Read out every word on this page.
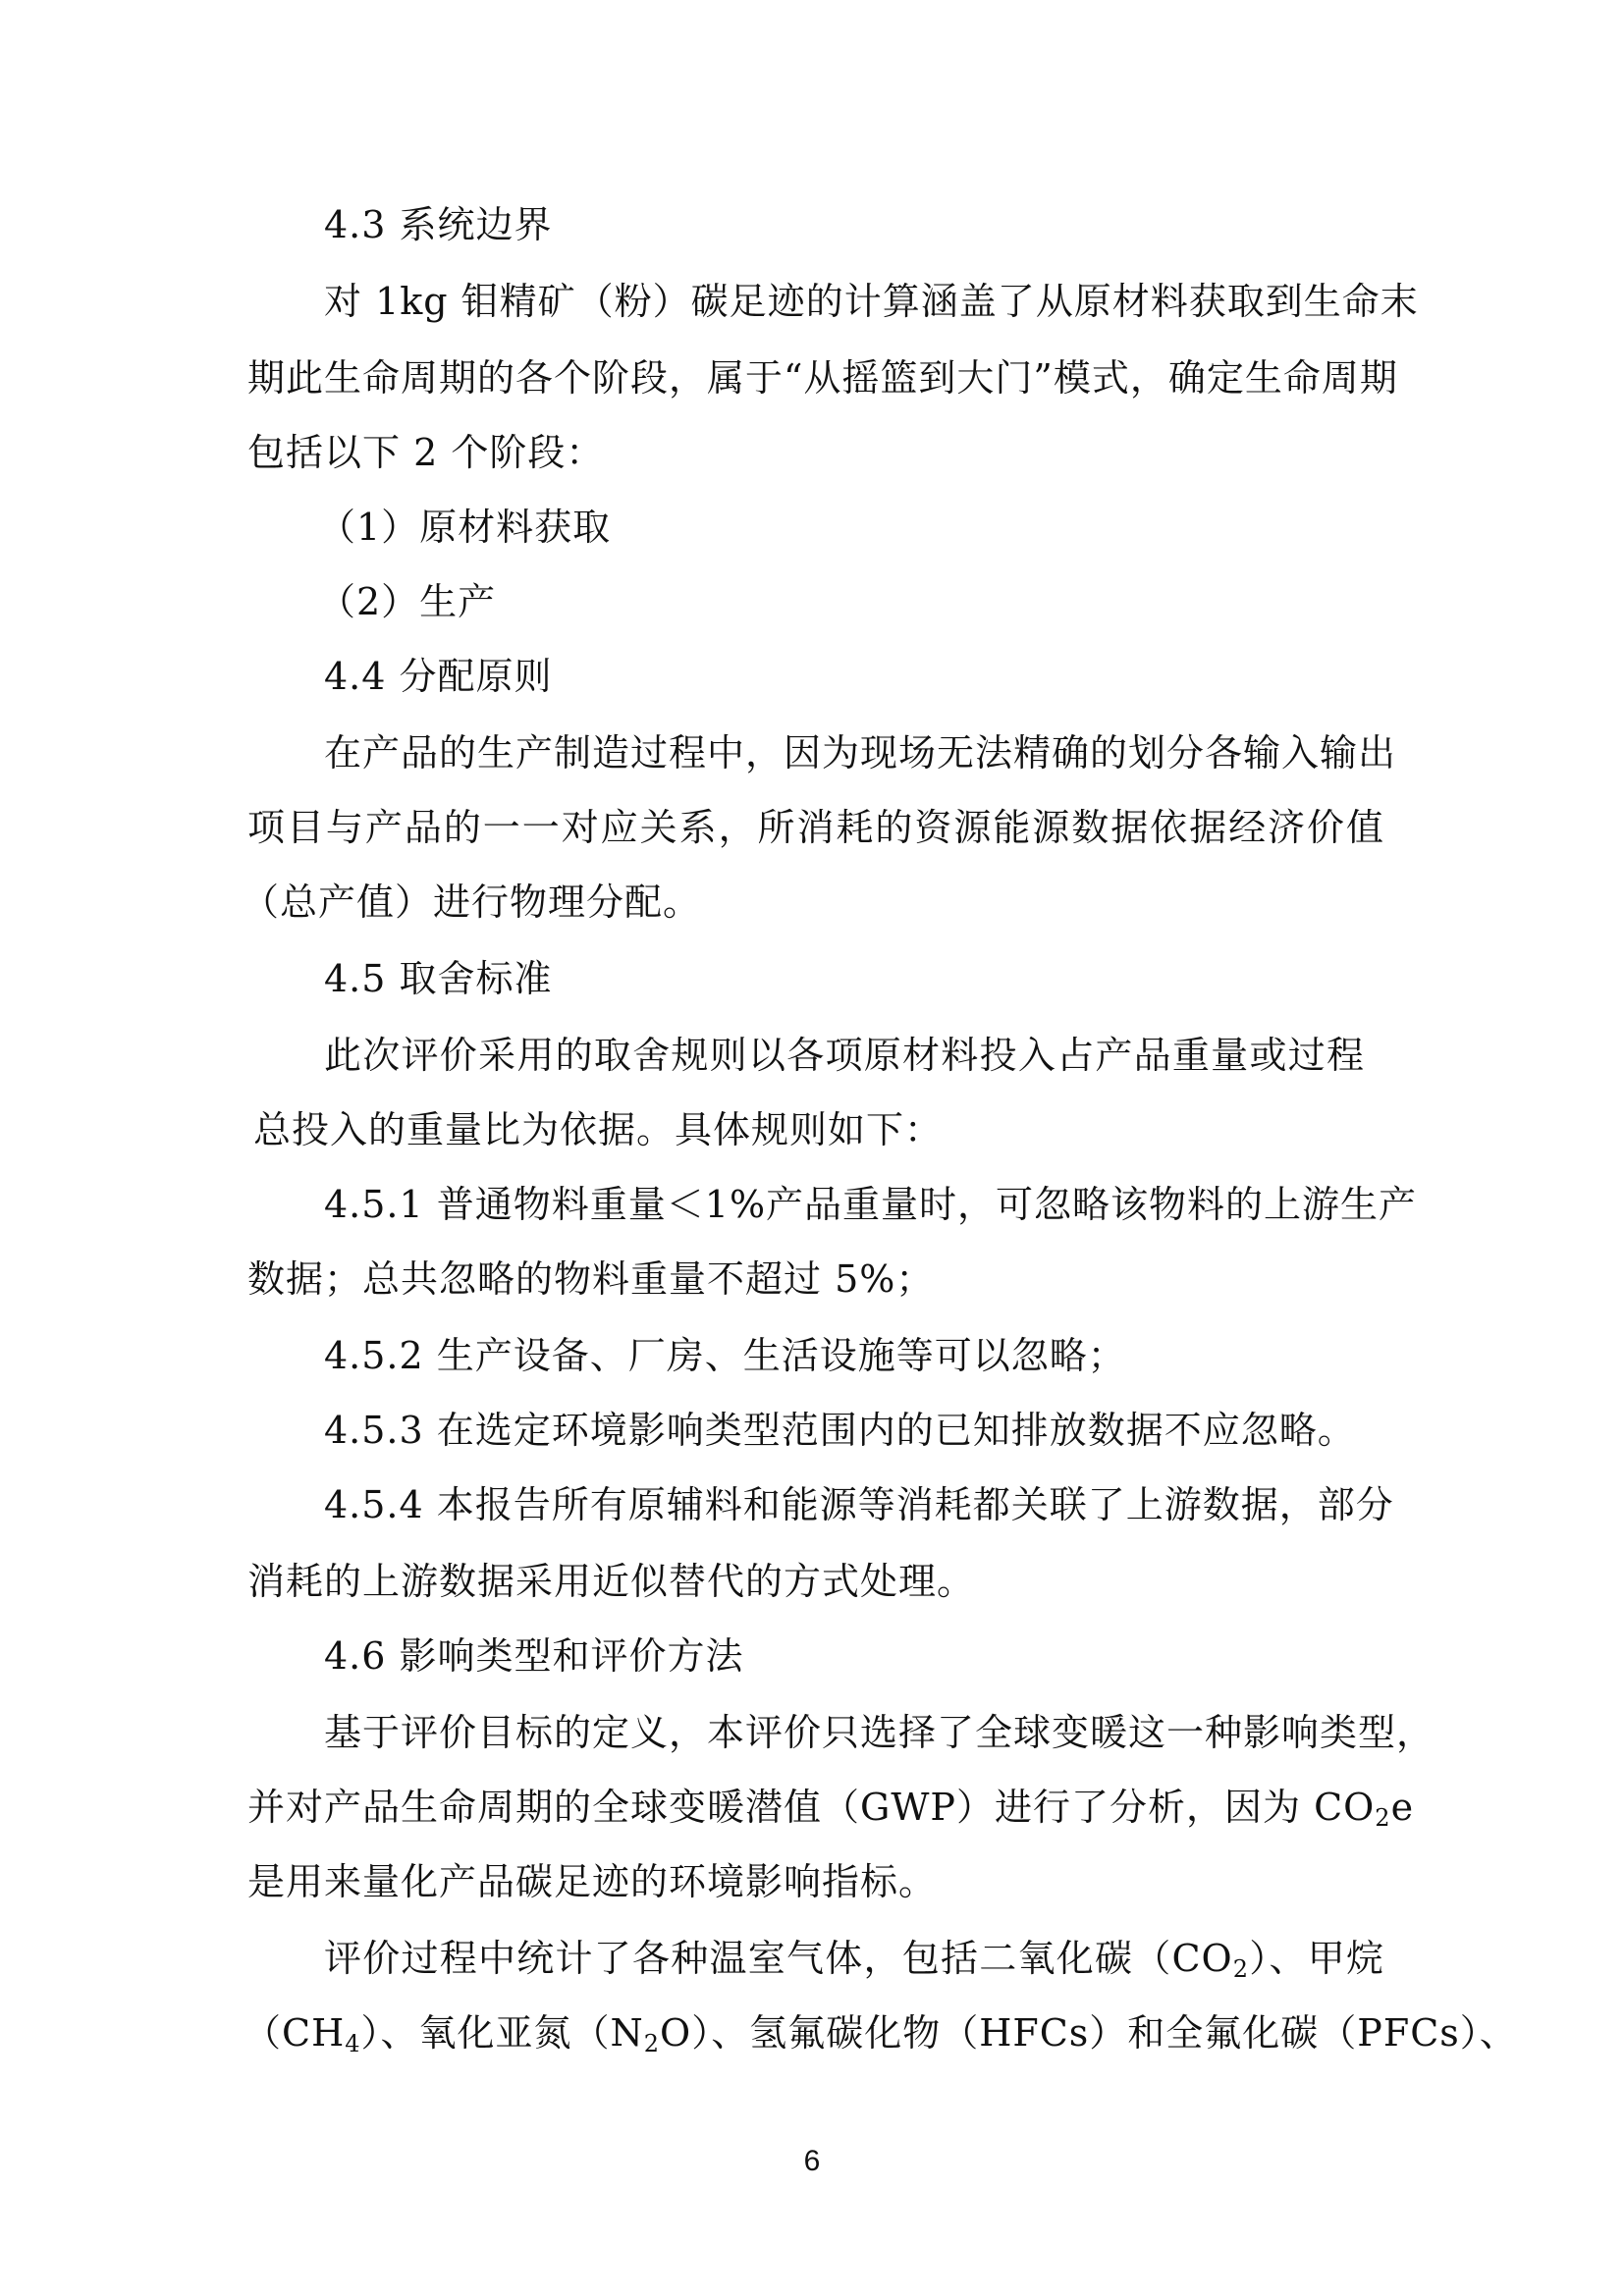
4.3 系统边界
对 1kg 钼精矿（粉）碳足迹的计算涵盖了从原材料获取到生命末
期此生命周期的各个阶段，属于“从摇篮到大门”模式，确定生命周期
包括以下 2 个阶段：
（1）原材料获取
（2）生产
4.4 分配原则
在产品的生产制造过程中，因为现场无法精确的划分各输入输出
项目与产品的一一对应关系，所消耗的资源能源数据依据经济价值
（总产值）进行物理分配。
4.5 取舍标准
此次评价采用的取舍规则以各项原材料投入占产品重量或过程
总投入的重量比为依据。具体规则如下：
4.5.1 普通物料重量＜1%产品重量时，可忽略该物料的上游生产
数据；总共忽略的物料重量不超过 5%；
4.5.2 生产设备、厂房、生活设施等可以忽略；
4.5.3 在选定环境影响类型范围内的已知排放数据不应忽略。
4.5.4 本报告所有原辅料和能源等消耗都关联了上游数据，部分
消耗的上游数据采用近似替代的方式处理。
4.6 影响类型和评价方法
基于评价目标的定义，本评价只选择了全球变暖这一种影响类型，
并对产品生命周期的全球变暖潜值（GWP）进行了分析，因为 $CO_2e$
是用来量化产品碳足迹的环境影响指标。
评价过程中统计了各种温室气体，包括二氧化碳$(CO_2)$、甲烷
$(CH_4)$、氧化亚氮$(N_2O)$、氢氟碳化物（HFCs）和全氟化碳（PFCs）、
6
